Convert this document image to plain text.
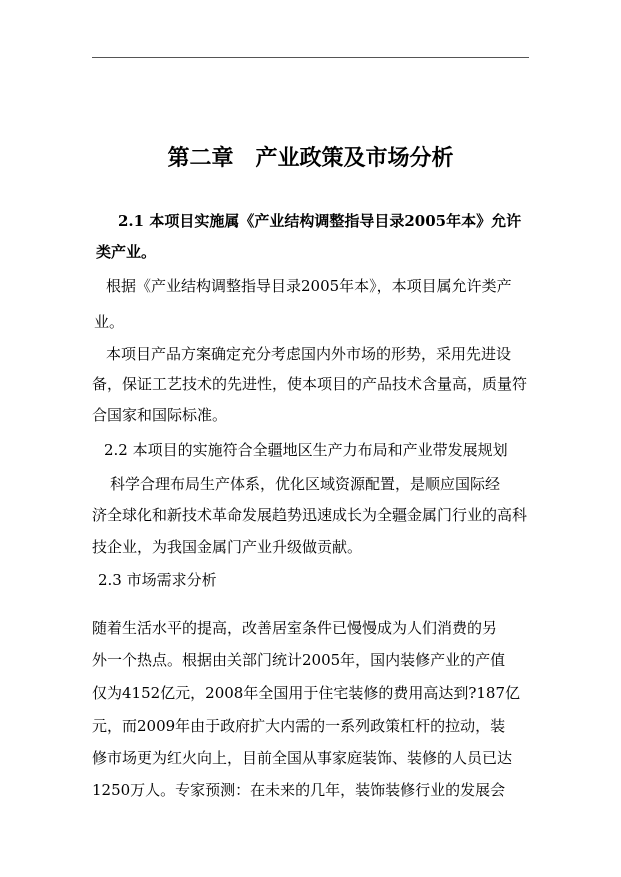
第二章　产业政策及市场分析
2.1 本项目实施属《产业结构调整指导目录2005年本》允许
类产业。
根据《产业结构调整指导目录2005年本》，本项目属允许类产
业。
本项目产品方案确定充分考虑国内外市场的形势，采用先进设
备，保证工艺技术的先进性，使本项目的产品技术含量高，质量符
合国家和国际标准。
2.2 本项目的实施符合全疆地区生产力布局和产业带发展规划
科学合理布局生产体系，优化区域资源配置，是顺应国际经
济全球化和新技术革命发展趋势迅速成长为全疆金属门行业的高科
技企业，为我国金属门产业升级做贡献。
2.3 市场需求分析
随着生活水平的提高，改善居室条件已慢慢成为人们消费的另
外一个热点。根据由关部门统计2005年，国内装修产业的产值
仅为4152亿元，2008年全国用于住宅装修的费用高达到?187亿
元，而2009年由于政府扩大内需的一系列政策杠杆的拉动，装
修市场更为红火向上，目前全国从事家庭装饰、装修的人员已达
1250万人。专家预测：在未来的几年，装饰装修行业的发展会
